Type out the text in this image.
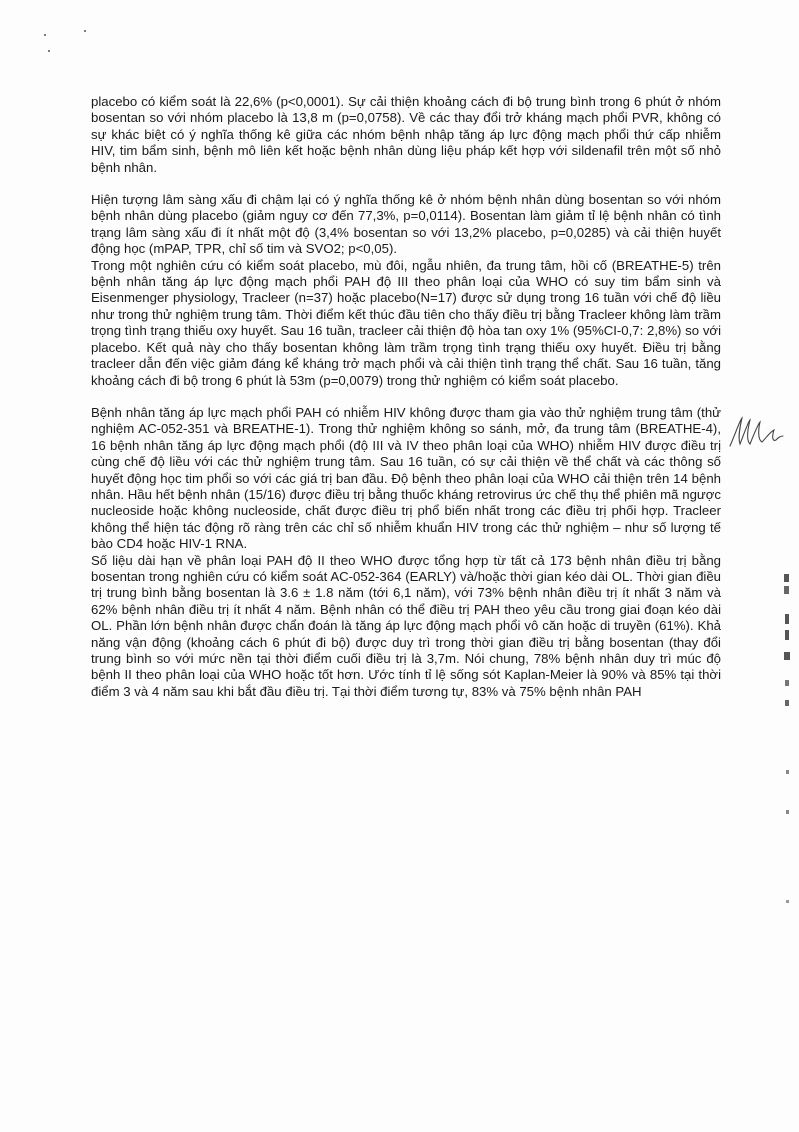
placebo có kiểm soát là 22,6% (p<0,0001). Sự cải thiện khoảng cách đi bộ trung bình trong 6 phút ở nhóm bosentan so với nhóm placebo là 13,8 m (p=0,0758). Về các thay đổi trở kháng mạch phổi PVR, không có sự khác biệt có ý nghĩa thống kê giữa các nhóm bệnh nhập tăng áp lực động mạch phổi thứ cấp nhiễm HIV, tim bẩm sinh, bệnh mô liên kết hoặc bệnh nhân dùng liệu pháp kết hợp với sildenafil trên một số nhỏ bệnh nhân.

Hiện tượng lâm sàng xấu đi chậm lại có ý nghĩa thống kê ở nhóm bệnh nhân dùng bosentan so với nhóm bệnh nhân dùng placebo (giảm nguy cơ đến 77,3%, p=0,0114). Bosentan làm giảm tỉ lệ bệnh nhân có tình trạng lâm sàng xấu đi ít nhất một độ (3,4% bosentan so với 13,2% placebo, p=0,0285) và cải thiện huyết động học (mPAP, TPR, chỉ số tim và SVO2; p<0,05).

Trong một nghiên cứu có kiểm soát placebo, mù đôi, ngẫu nhiên, đa trung tâm, hồi cố (BREATHE-5) trên bệnh nhân tăng áp lực động mạch phổi PAH độ III theo phân loại của WHO có suy tim bẩm sinh và Eisenmenger physiology, Tracleer (n=37) hoặc placebo(N=17) được sử dụng trong 16 tuần với chế độ liều như trong thử nghiệm trung tâm. Thời điểm kết thúc đầu tiên cho thấy điều trị bằng Tracleer không làm trầm trọng tình trạng thiếu oxy huyết. Sau 16 tuần, tracleer cải thiện độ hòa tan oxy 1% (95%CI-0,7: 2,8%) so với placebo. Kết quả này cho thấy bosentan không làm trầm trọng tình trạng thiếu oxy huyết. Điều trị bằng tracleer dẫn đến việc giảm đáng kể kháng trở mạch phổi và cải thiện tình trạng thể chất. Sau 16 tuần, tăng khoảng cách đi bộ trong 6 phút là 53m (p=0,0079) trong thử nghiệm có kiểm soát placebo.

Bệnh nhân tăng áp lực mạch phổi PAH có nhiễm HIV không được tham gia vào thử nghiệm trung tâm (thử nghiệm AC-052-351 và BREATHE-1). Trong thử nghiệm không so sánh, mở, đa trung tâm (BREATHE-4), 16 bệnh nhân tăng áp lực động mạch phổi (độ III và IV theo phân loại của WHO) nhiễm HIV được điều trị cùng chế độ liều với các thử nghiệm trung tâm. Sau 16 tuần, có sự cải thiện về thể chất và các thông số huyết động học tim phổi so với các giá trị ban đầu. Độ bệnh theo phân loại của WHO cải thiện trên 14 bệnh nhân. Hầu hết bệnh nhân (15/16) được điều trị bằng thuốc kháng retrovirus ức chế thụ thể phiên mã ngược nucleoside hoặc không nucleoside, chất được điều trị phổ biến nhất trong các điều trị phối hợp. Tracleer không thể hiện tác động rõ ràng trên các chỉ số nhiễm khuẩn HIV trong các thử nghiệm – như số lượng tế bào CD4 hoặc HIV-1 RNA.

Số liệu dài hạn về phân loại PAH độ II theo WHO được tổng hợp từ tất cả 173 bệnh nhân điều trị bằng bosentan trong nghiên cứu có kiểm soát AC-052-364 (EARLY) và/hoặc thời gian kéo dài OL. Thời gian điều trị trung bình bằng bosentan là 3.6 ± 1.8 năm (tới 6,1 năm), với 73% bệnh nhân điều trị ít nhất 3 năm và 62% bệnh nhân điều trị ít nhất 4 năm. Bệnh nhân có thể điều trị PAH theo yêu cầu trong giai đoạn kéo dài OL. Phần lớn bệnh nhân được chẩn đoán là tăng áp lực động mạch phổi vô căn hoặc di truyền (61%). Khả năng vận động (khoảng cách 6 phút đi bộ) được duy trì trong thời gian điều trị bằng bosentan (thay đổi trung bình so với mức nền tại thời điểm cuối điều trị là 3,7m. Nói chung, 78% bệnh nhân duy trì múc độ bệnh II theo phân loại của WHO hoặc tốt hơn. Ước tính tỉ lệ sống sót Kaplan-Meier là 90% và 85% tại thời điểm 3 và 4 năm sau khi bắt đầu điều trị. Tại thời điểm tương tự, 83% và 75% bệnh nhân PAH
